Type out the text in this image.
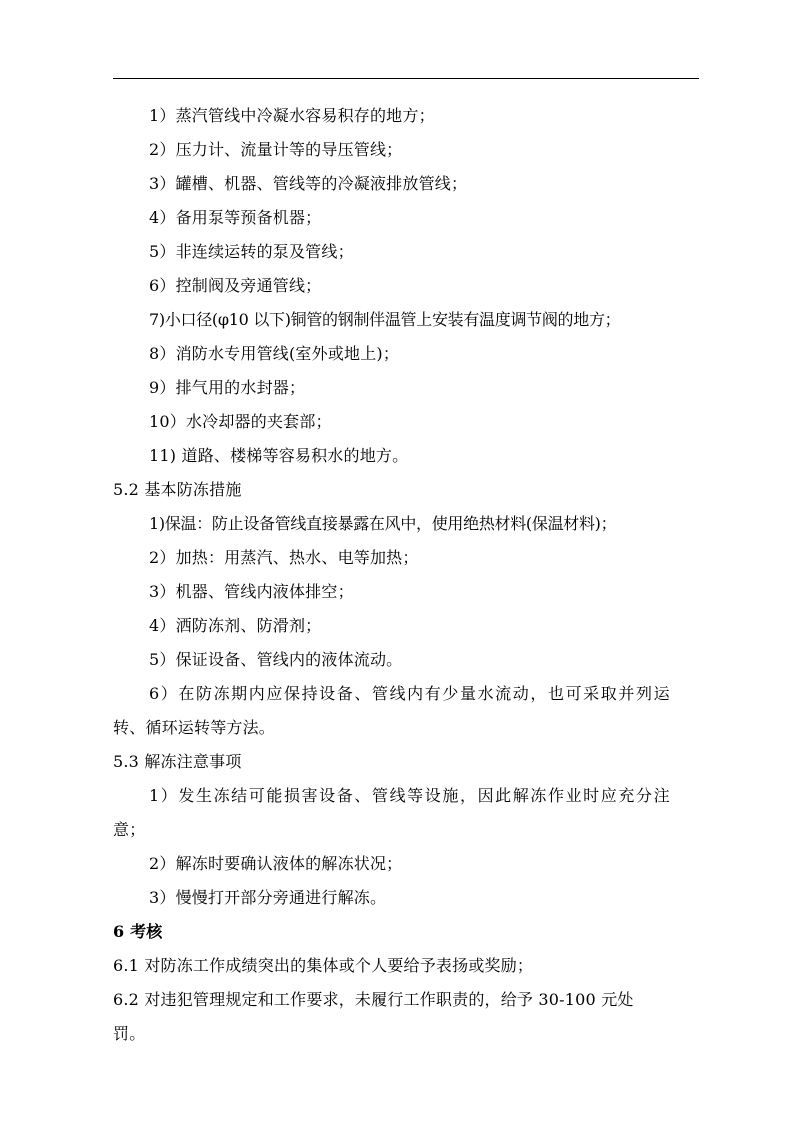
1）蒸汽管线中冷凝水容易积存的地方；
2）压力计、流量计等的导压管线；
3）罐槽、机器、管线等的冷凝液排放管线；
4）备用泵等预备机器；
5）非连续运转的泵及管线；
6）控制阀及旁通管线；
7)小口径(φ10 以下)铜管的钢制伴温管上安装有温度调节阀的地方；
8）消防水专用管线(室外或地上)；
9）排气用的水封器；
10）水冷却器的夹套部；
11) 道路、楼梯等容易积水的地方。
5.2 基本防冻措施
1)保温：防止设备管线直接暴露在风中，使用绝热材料(保温材料)；
2）加热：用蒸汽、热水、电等加热；
3）机器、管线内液体排空；
4）洒防冻剂、防滑剂；
5）保证设备、管线内的液体流动。
6）在防冻期内应保持设备、管线内有少量水流动，也可采取并列运
转、循环运转等方法。
5.3 解冻注意事项
1）发生冻结可能损害设备、管线等设施，因此解冻作业时应充分注
意；
2）解冻时要确认液体的解冻状况；
3）慢慢打开部分旁通进行解冻。
6 考核
6.1 对防冻工作成绩突出的集体或个人要给予表扬或奖励；
6.2 对违犯管理规定和工作要求，未履行工作职责的，给予 30-100 元处
罚。
